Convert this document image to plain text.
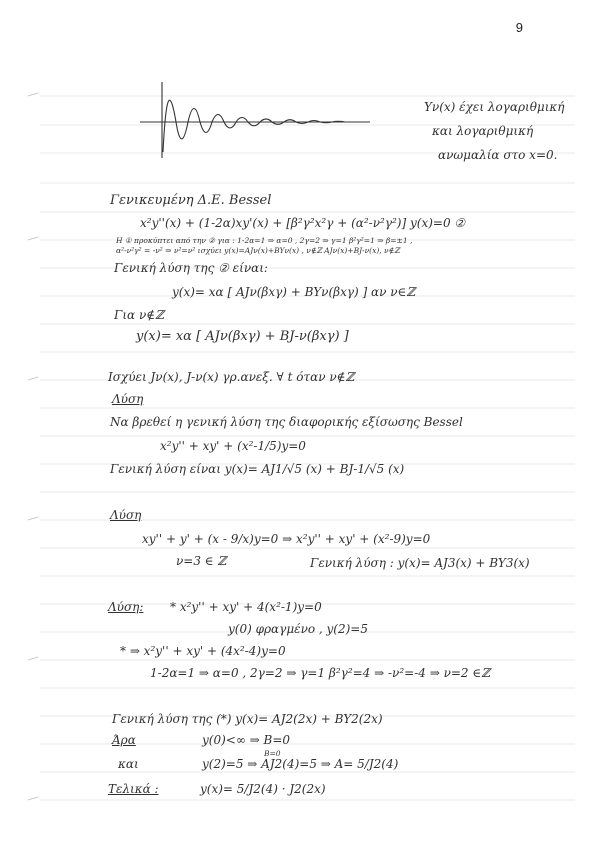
9
Yν(x) έχει λογαριθμική
και λογαριθμική
ανωμαλία στο x=0.
Γενικευμένη Δ.Ε. Bessel
x²y''(x) + (1-2α)xy'(x) + [β²γ²x²γ + (α²-ν²γ²)] y(x)=0 ②
Η ① προκύπτει από την ② για : 1-2α=1 ⇒ α=0 , 2γ=2 ⇒ γ=1 β²γ²=1 ⇒ β=±1 ,
α²-ν²γ² = -ν² ⇒ ν²=ν² ισχύει y(x)=AJν(x)+BYν(x) , ν∉ℤ AJν(x)+BJ-ν(x), ν∉ℤ
Γενική λύση της ② είναι:
y(x)= xα [ AJν(βxγ) + BYν(βxγ) ] αν ν∈ℤ
Για ν∉ℤ
y(x)= xα [ AJν(βxγ) + BJ-ν(βxγ) ]
Ισχύει Jν(x), J-ν(x) γρ.ανεξ. ∀ t όταν ν∉ℤ
Λύση
Να βρεθεί η γενική λύση της διαφορικής εξίσωσης Bessel
x²y'' + xy' + (x²-1/5)y=0
Γενική λύση είναι y(x)= AJ1/√5 (x) + BJ-1/√5 (x)
Λύση
xy'' + y' + (x - 9/x)y=0 ⇒ x²y'' + xy' + (x²-9)y=0
ν=3 ∈ ℤ	Γενική λύση : y(x)= AJ3(x) + BY3(x)
Λύση: * x²y'' + xy' + 4(x²-1)y=0
y(0) φραγμένο , y(2)=5
* ⇒ x²y'' + xy' + (4x²-4)y=0
1-2α=1 ⇒ α=0 , 2γ=2 ⇒ γ=1 β²γ²=4 ⇒ -ν²=-4 ⇒ ν=2 ∈ℤ
Γενική λύση της (*) y(x)= AJ2(2x) + BY2(2x)
Άρα	y(0)<∞ ⇒ B=0
B=0
και	y(2)=5 ⇒ AJ2(4)=5 ⇒ A= 5/J2(4)
Τελικά :	y(x)= 5/J2(4) · J2(2x)
